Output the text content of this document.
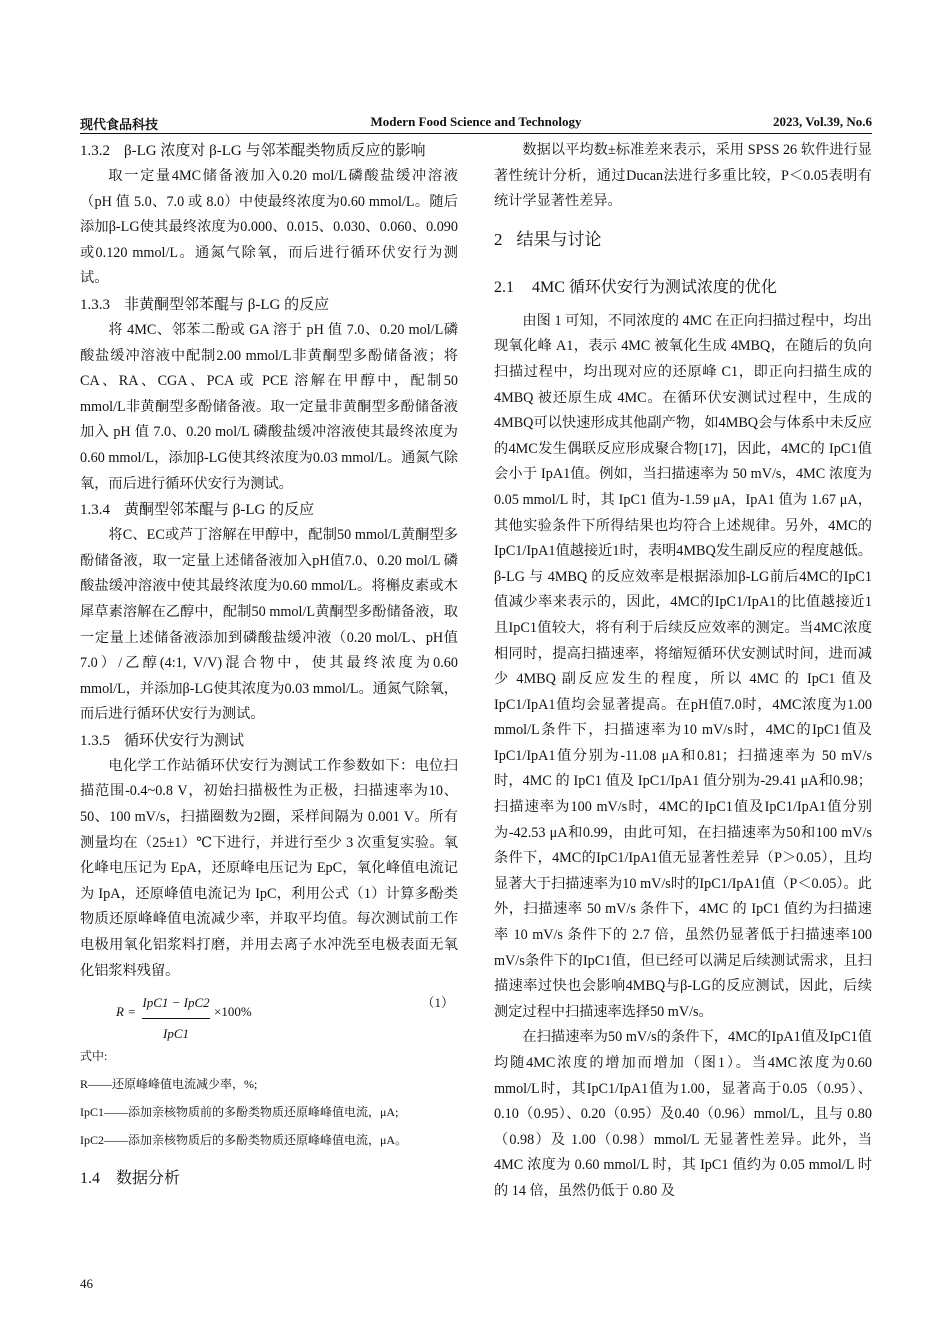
现代食品科技	Modern Food Science and Technology	2023, Vol.39, No.6
1.3.2 β-LG 浓度对 β-LG 与邻苯醌类物质反应的影响

取一定量4MC储备液加入0.20 mol/L磷酸盐缓冲溶液（pH 值 5.0、7.0 或 8.0）中使最终浓度为0.60 mmol/L。随后添加β-LG使其最终浓度为0.000、0.015、0.030、0.060、0.090或0.120 mmol/L。通氮气除氧，而后进行循环伏安行为测试。

1.3.3 非黄酮型邻苯醌与 β-LG 的反应

将 4MC、邻苯二酚或 GA 溶于 pH 值 7.0、0.20 mol/L磷酸盐缓冲溶液中配制2.00 mmol/L非黄酮型多酚储备液；将 CA、RA、CGA、PCA 或 PCE 溶解在甲醇中，配制50 mmol/L非黄酮型多酚储备液。取一定量非黄酮型多酚储备液加入 pH 值 7.0、0.20 mol/L 磷酸盐缓冲溶液使其最终浓度为0.60 mmol/L，添加β-LG使其终浓度为0.03 mmol/L。通氮气除氧，而后进行循环伏安行为测试。

1.3.4 黄酮型邻苯醌与 β-LG 的反应

将C、EC或芦丁溶解在甲醇中，配制50 mmol/L黄酮型多酚储备液，取一定量上述储备液加入pH值7.0、0.20 mol/L 磷酸盐缓冲溶液中使其最终浓度为0.60 mmol/L。将槲皮素或木犀草素溶解在乙醇中，配制50 mmol/L黄酮型多酚储备液，取一定量上述储备液添加到磷酸盐缓冲液（0.20 mol/L、pH值7.0）/乙醇(4:1, V/V)混合物中，使其最终浓度为0.60 mmol/L，并添加β-LG使其浓度为0.03 mmol/L。通氮气除氧，而后进行循环伏安行为测试。

1.3.5 循环伏安行为测试

电化学工作站循环伏安行为测试工作参数如下：电位扫描范围-0.4~0.8 V，初始扫描极性为正极，扫描速率为10、50、100 mV/s，扫描圈数为2圈，采样间隔为 0.001 V。所有测量均在（25±1）℃下进行，并进行至少 3 次重复实验。氧化峰电压记为 EpA，还原峰电压记为 EpC，氧化峰值电流记为 IpA，还原峰值电流记为 IpC，利用公式（1）计算多酚类物质还原峰峰值电流减少率，并取平均值。每次测试前工作电极用氧化铝浆料打磨，并用去离子水冲洗至电极表面无氧化铝浆料残留。

R =
IpC1 − IpC2
IpC1
×100%
（1）
式中:
R——还原峰峰值电流减少率，%;
IpC1——添加亲核物质前的多酚类物质还原峰峰值电流，μA;
IpC2——添加亲核物质后的多酚类物质还原峰峰值电流，μA。
1.4 数据分析

数据以平均数±标准差来表示，采用 SPSS 26 软件进行显著性统计分析，通过Ducan法进行多重比较，P＜0.05表明有统计学显著性差异。

2 结果与讨论
2.1 4MC 循环伏安行为测试浓度的优化

由图 1 可知，不同浓度的 4MC 在正向扫描过程中，均出现氧化峰 A1，表示 4MC 被氧化生成 4MBQ，在随后的负向扫描过程中，均出现对应的还原峰 C1，即正向扫描生成的 4MBQ 被还原生成 4MC。在循环伏安测试过程中，生成的4MBQ可以快速形成其他副产物，如4MBQ会与体系中未反应的4MC发生偶联反应形成聚合物[17]，因此，4MC的 IpC1值会小于 IpA1值。例如，当扫描速率为 50 mV/s，4MC 浓度为 0.05 mmol/L 时，其 IpC1 值为-1.59 μA，IpA1 值为 1.67 μA，其他实验条件下所得结果也均符合上述规律。另外，4MC的IpC1/IpA1值越接近1时，表明4MBQ发生副反应的程度越低。β-LG 与 4MBQ 的反应效率是根据添加β-LG前后4MC的IpC1值减少率来表示的，因此，4MC的IpC1/IpA1的比值越接近1且IpC1值较大，将有利于后续反应效率的测定。当4MC浓度相同时，提高扫描速率，将缩短循环伏安测试时间，进而减少 4MBQ 副反应发生的程度，所以 4MC 的 IpC1 值及 IpC1/IpA1值均会显著提高。在pH值7.0时，4MC浓度为1.00 mmol/L条件下，扫描速率为10 mV/s时，4MC的IpC1值及IpC1/IpA1值分别为-11.08 μA和0.81；扫描速率为 50 mV/s 时，4MC 的 IpC1 值及 IpC1/IpA1 值分别为-29.41 μA和0.98；扫描速率为100 mV/s时，4MC的IpC1值及IpC1/IpA1值分别为-42.53 μA和0.99，由此可知，在扫描速率为50和100 mV/s条件下，4MC的IpC1/IpA1值无显著性差异（P＞0.05），且均显著大于扫描速率为10 mV/s时的IpC1/IpA1值（P＜0.05）。此外，扫描速率 50 mV/s 条件下，4MC 的 IpC1 值约为扫描速率 10 mV/s 条件下的 2.7 倍，虽然仍显著低于扫描速率100 mV/s条件下的IpC1值，但已经可以满足后续测试需求，且扫描速率过快也会影响4MBQ与β-LG的反应测试，因此，后续测定过程中扫描速率选择50 mV/s。

在扫描速率为50 mV/s的条件下，4MC的IpA1值及IpC1值均随4MC浓度的增加而增加（图1）。当4MC浓度为0.60 mmol/L时，其IpC1/IpA1值为1.00，显著高于0.05（0.95）、0.10（0.95）、0.20（0.95）及0.40（0.96）mmol/L，且与 0.80（0.98）及 1.00（0.98）mmol/L 无显著性差异。此外，当 4MC 浓度为 0.60 mmol/L 时，其 IpC1 值约为 0.05 mmol/L 时的 14 倍，虽然仍低于 0.80 及

46
